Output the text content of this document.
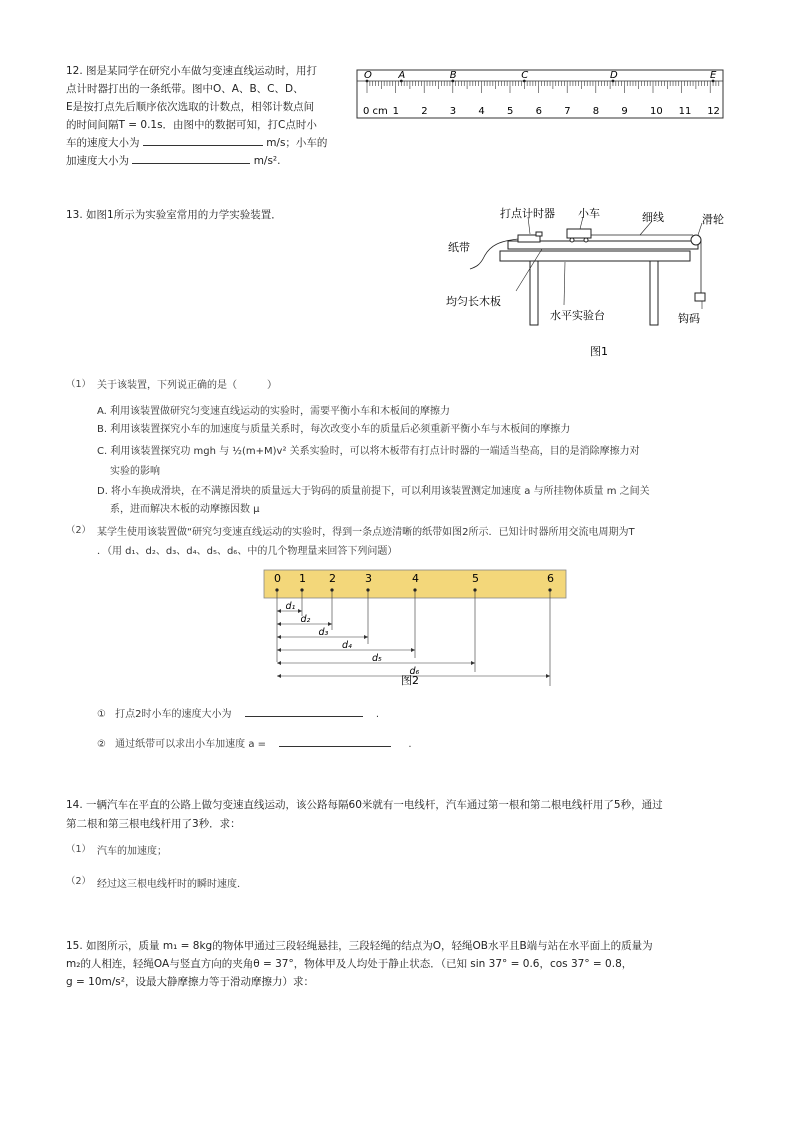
12. 图是某同学在研究小车做匀变速直线运动时，用打
点计时器打出的一条纸带。图中O、A、B、C、D、
E是按打点先后顺序依次选取的计数点，相邻计数点间
的时间间隔T = 0.1s．由图中的数据可知，打C点时小
车的速度大小为	m/s；小车的
加速度大小为	m/s².
O	A	B	C	D	E
0 cm 1 2 3 4 5 6 7 8 9 10 11 12
13. 如图1所示为实验室常用的力学实验装置．	打点计时器 小车	细线	滑轮
纸带
均匀长木板
水平实验台	钩码
图1
（1） 关于该装置，下列说正确的是（　　　）
A. 利用该装置做研究匀变速直线运动的实验时，需要平衡小车和木板间的摩擦力
B. 利用该装置探究小车的加速度与质量关系时，每次改变小车的质量后必须重新平衡小车与木板间的摩擦力
C. 利用该装置探究功 mgh 与 ½(m+M)v² 关系实验时，可以将木板带有打点计时器的一端适当垫高，目的是消除摩擦力对
实验的影响
D. 将小车换成滑块，在不满足滑块的质量远大于钩码的质量前提下，可以利用该装置测定加速度 a 与所挂物体质量 m 之间关
系，进而解决木板的动摩擦因数 μ
（2） 某学生使用该装置做“研究匀变速直线运动的实验时，得到一条点迹清晰的纸带如图2所示．已知计时器所用交流电周期为T
．（用 d₁、d₂、d₃、d₄、d₅、d₆、中的几个物理量来回答下列问题）
0 1 2	3	4	5	6
d₁
d₂
d₃
d₄
d₅
d₆
图2
① 打点2时小车的速度大小为	.
② 通过纸带可以求出小车加速度 a =	.
14. 一辆汽车在平直的公路上做匀变速直线运动，该公路每隔60米就有一电线杆，汽车通过第一根和第二根电线杆用了5秒，通过
第二根和第三根电线杆用了3秒．求：
（1） 汽车的加速度；
（2） 经过这三根电线杆时的瞬时速度．
15. 如图所示，质量 m₁ = 8kg的物体甲通过三段轻绳悬挂，三段轻绳的结点为O，轻绳OB水平且B端与站在水平面上的质量为
m₂的人相连，轻绳OA与竖直方向的夹角θ = 37°，物体甲及人均处于静止状态．（已知 sin 37° = 0.6，cos 37° = 0.8，
g = 10m/s²，设最大静摩擦力等于滑动摩擦力）求：
